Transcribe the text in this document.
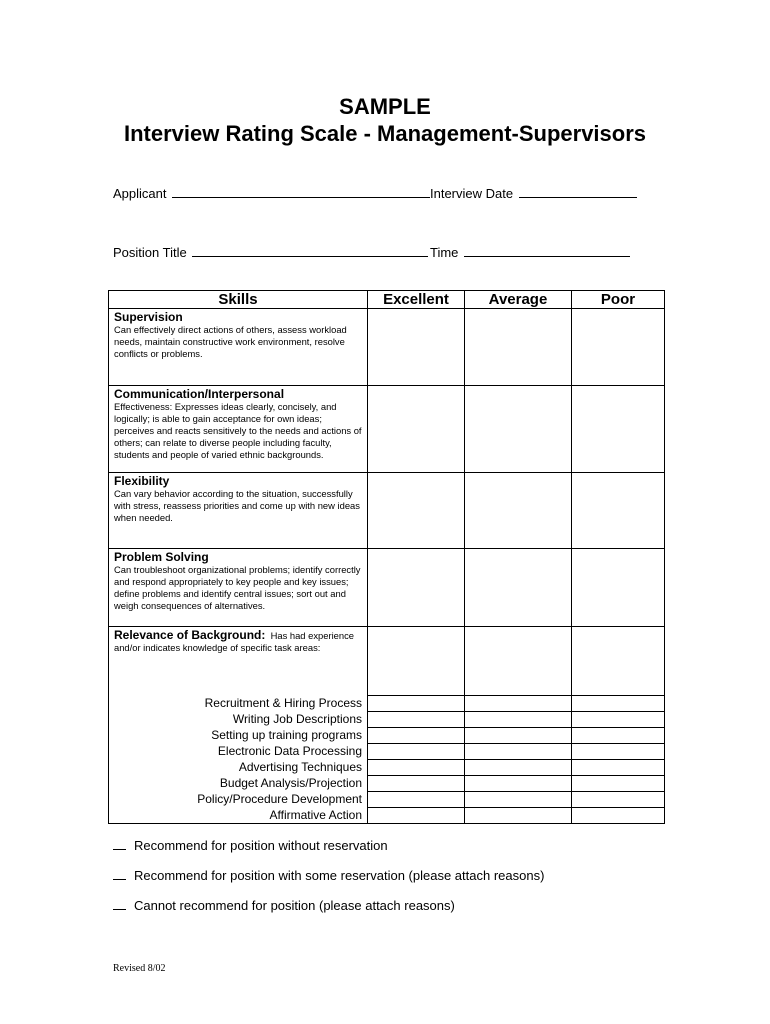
SAMPLE
Interview Rating Scale - Management-Supervisors
Applicant	Interview Date
Position Title	Time
Skills	Excellent	Average	Poor

Supervision
Can effectively direct actions of others, assess workload needs, maintain constructive work environment, resolve conflicts or problems.			

Communication/Interpersonal
Effectiveness: Expresses ideas clearly, concisely, and logically; is able to gain acceptance for own ideas; perceives and reacts sensitively to the needs and actions of others; can relate to diverse people including faculty, students and people of varied ethnic backgrounds.			

Flexibility
Can vary behavior according to the situation, successfully with stress, reassess priorities and come up with new ideas when needed.			

Problem Solving
Can troubleshoot organizational problems; identify correctly and respond appropriately to key people and key issues; define problems and identify central issues; sort out and weigh consequences of alternatives.			

Relevance of Background: Has had experience and/or indicates knowledge of specific task areas:			

Recruitment & Hiring Process			
Writing Job Descriptions			
Setting up training programs			
Electronic Data Processing			
Advertising Techniques			
Budget Analysis/Projection			
Policy/Procedure Development			
Affirmative Action			
Recommend for position without reservation
Recommend for position with some reservation (please attach reasons)
Cannot recommend for position (please attach reasons)
Revised 8/02
